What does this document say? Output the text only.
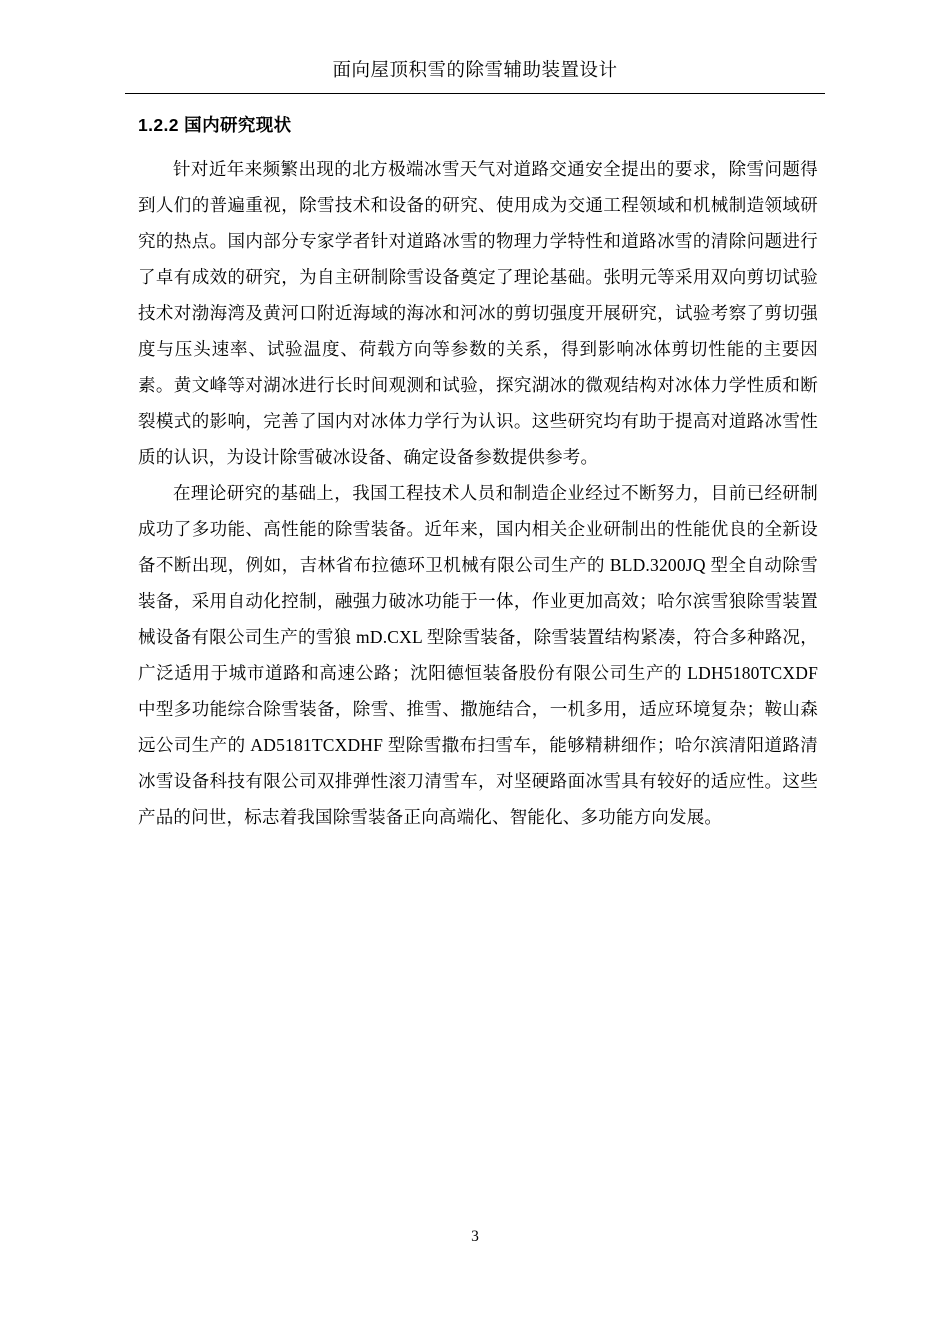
面向屋顶积雪的除雪辅助装置设计
1.2.2 国内研究现状

针对近年来频繁出现的北方极端冰雪天气对道路交通安全提出的要求，除雪问题得到人们的普遍重视，除雪技术和设备的研究、使用成为交通工程领域和机械制造领域研究的热点。国内部分专家学者针对道路冰雪的物理力学特性和道路冰雪的清除问题进行了卓有成效的研究，为自主研制除雪设备奠定了理论基础。张明元等采用双向剪切试验技术对渤海湾及黄河口附近海域的海冰和河冰的剪切强度开展研究，试验考察了剪切强度与压头速率、试验温度、荷载方向等参数的关系，得到影响冰体剪切性能的主要因素。黄文峰等对湖冰进行长时间观测和试验，探究湖冰的微观结构对冰体力学性质和断裂模式的影响，完善了国内对冰体力学行为认识。这些研究均有助于提高对道路冰雪性质的认识，为设计除雪破冰设备、确定设备参数提供参考。

在理论研究的基础上，我国工程技术人员和制造企业经过不断努力，目前已经研制成功了多功能、高性能的除雪装备。近年来，国内相关企业研制出的性能优良的全新设备不断出现，例如，吉林省布拉德环卫机械有限公司生产的 BLD.3200JQ 型全自动除雪装备，采用自动化控制，融强力破冰功能于一体，作业更加高效；哈尔滨雪狼除雪装置械设备有限公司生产的雪狼 mD.CXL 型除雪装备，除雪装置结构紧凑，符合多种路况，广泛适用于城市道路和高速公路；沈阳德恒装备股份有限公司生产的 LDH5180TCXDF 中型多功能综合除雪装备，除雪、推雪、撒施结合，一机多用，适应环境复杂；鞍山森远公司生产的 AD5181TCXDHF 型除雪撒布扫雪车，能够精耕细作；哈尔滨清阳道路清冰雪设备科技有限公司双排弹性滚刀清雪车，对坚硬路面冰雪具有较好的适应性。这些产品的问世，标志着我国除雪装备正向高端化、智能化、多功能方向发展。

3
